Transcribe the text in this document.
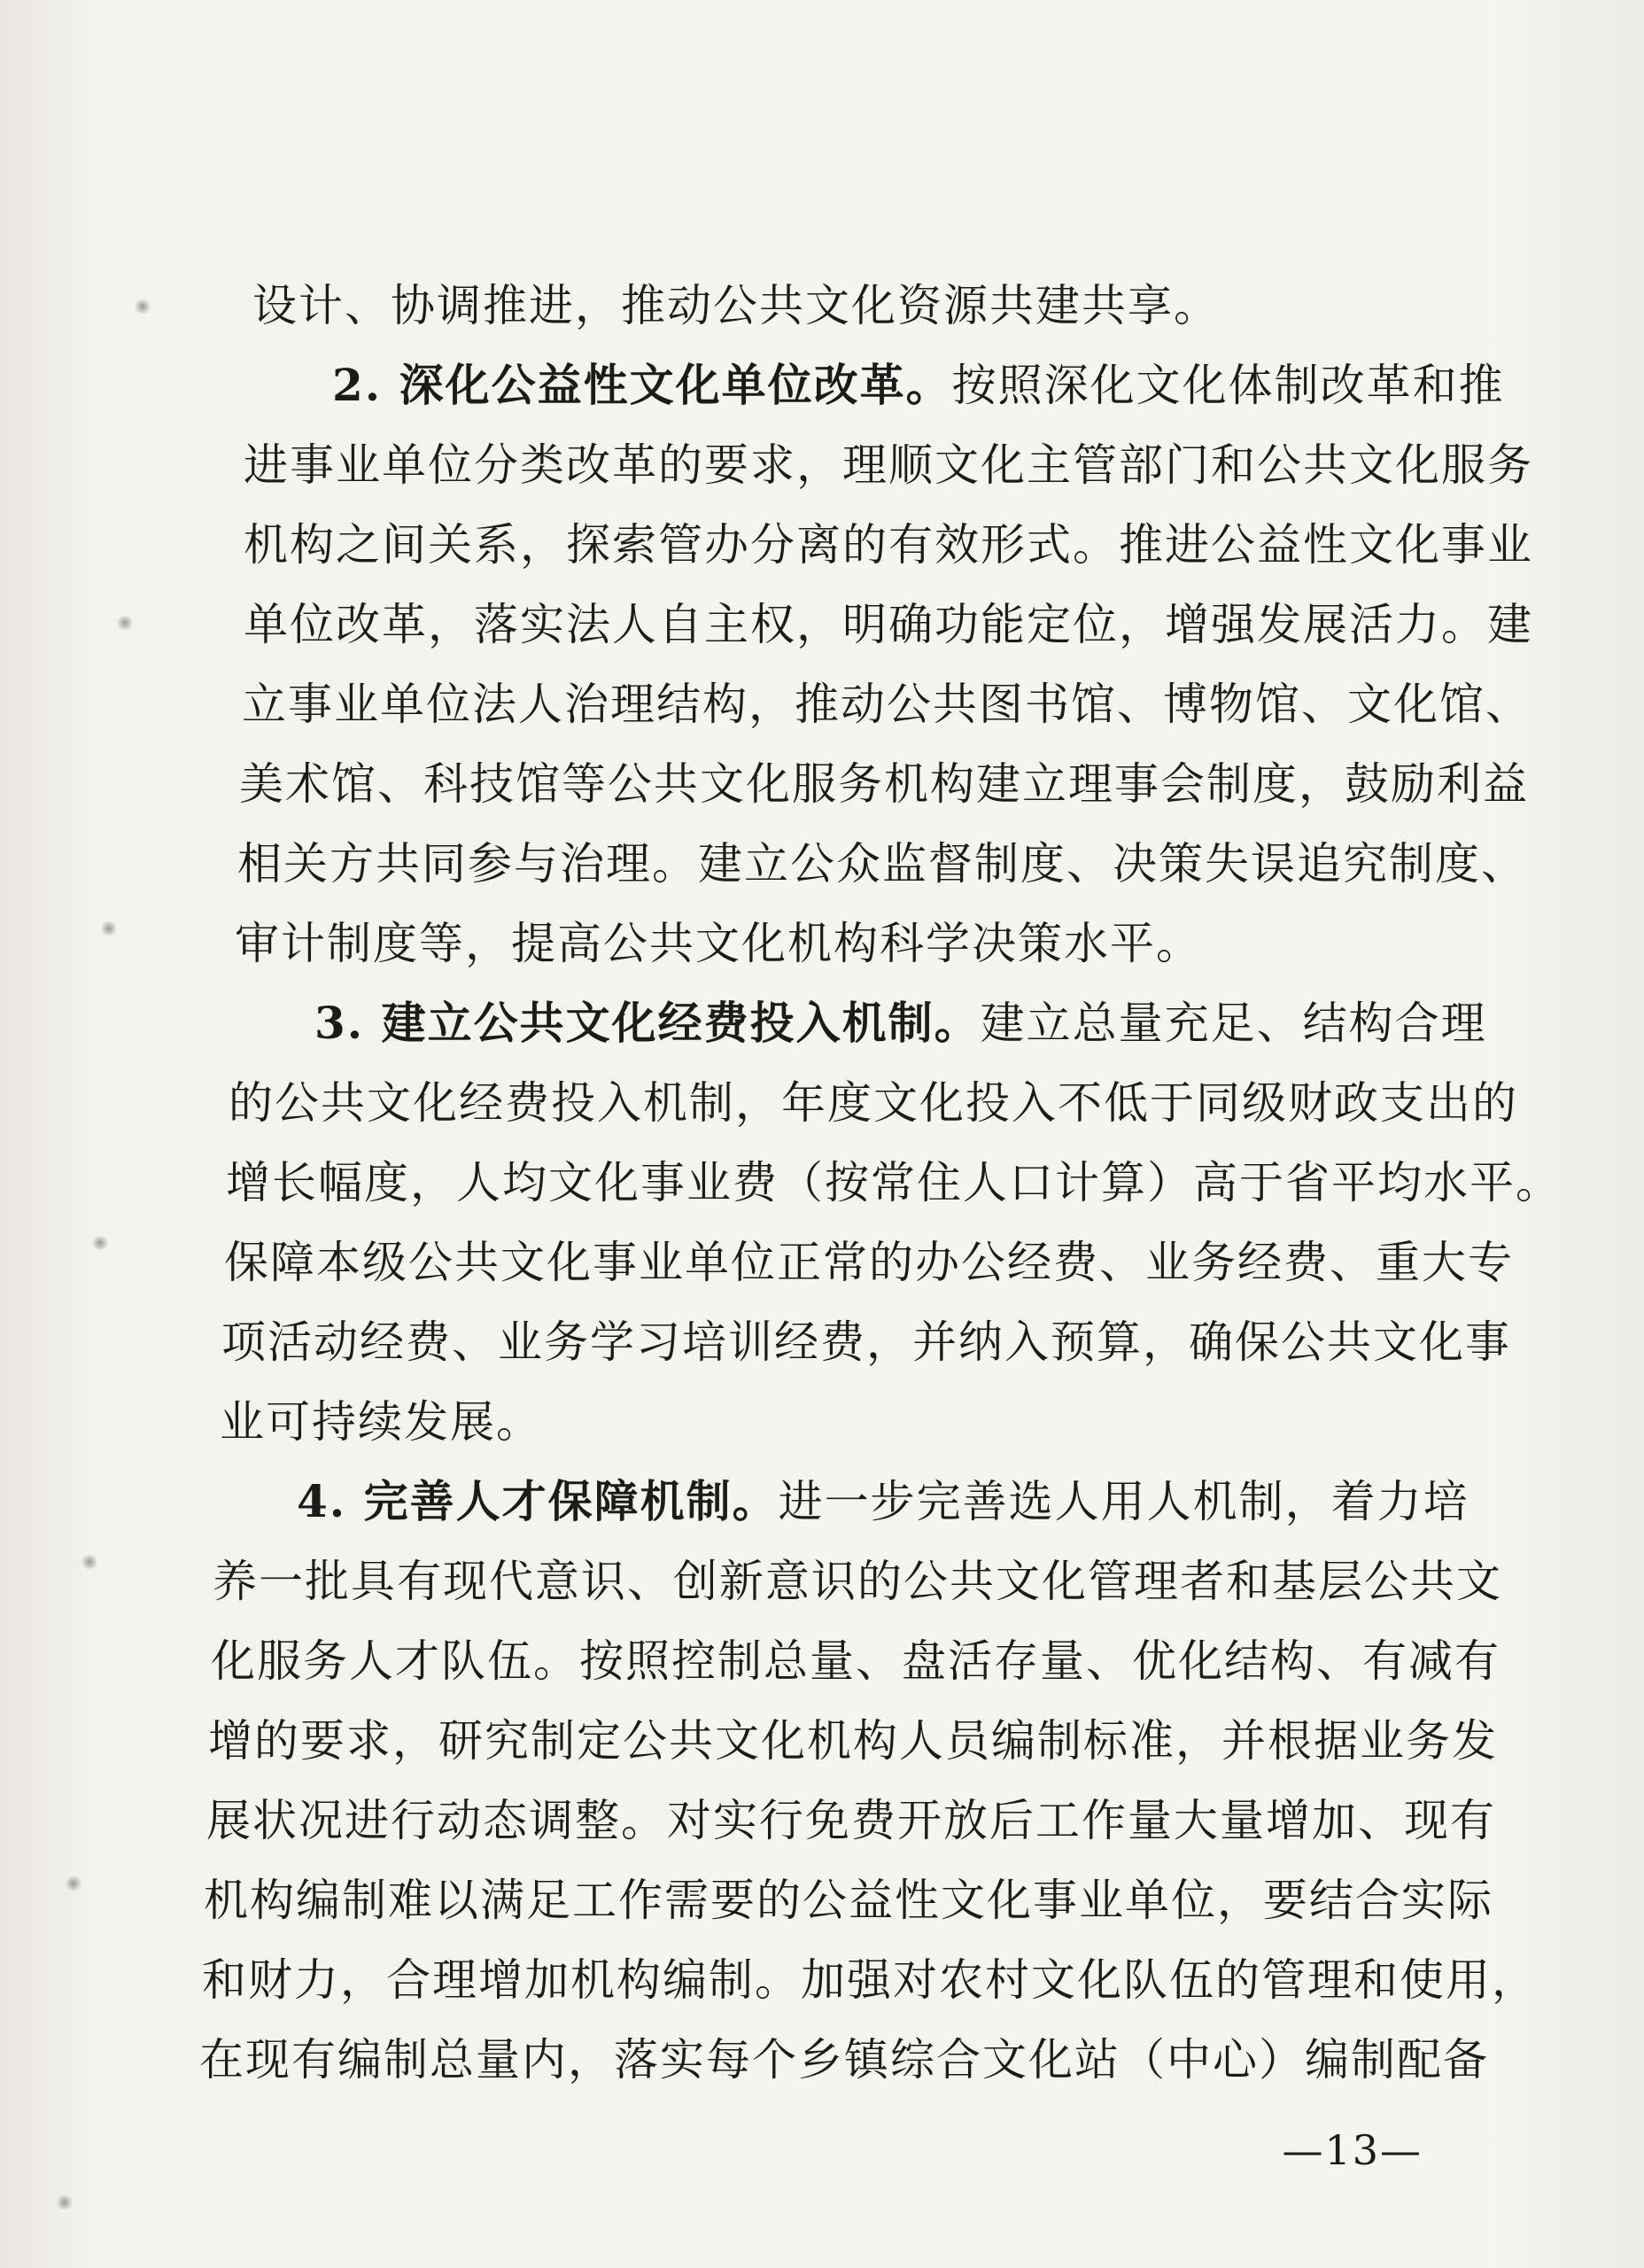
设计、协调推进，推动公共文化资源共建共享。
2. 深化公益性文化单位改革。按照深化文化体制改革和推
进事业单位分类改革的要求，理顺文化主管部门和公共文化服务
机构之间关系，探索管办分离的有效形式。推进公益性文化事业
单位改革，落实法人自主权，明确功能定位，增强发展活力。建
立事业单位法人治理结构，推动公共图书馆、博物馆、文化馆、
美术馆、科技馆等公共文化服务机构建立理事会制度，鼓励利益
相关方共同参与治理。建立公众监督制度、决策失误追究制度、
审计制度等，提高公共文化机构科学决策水平。
3. 建立公共文化经费投入机制。建立总量充足、结构合理
的公共文化经费投入机制，年度文化投入不低于同级财政支出的
增长幅度，人均文化事业费（按常住人口计算）高于省平均水平。
保障本级公共文化事业单位正常的办公经费、业务经费、重大专
项活动经费、业务学习培训经费，并纳入预算，确保公共文化事
业可持续发展。
4. 完善人才保障机制。进一步完善选人用人机制，着力培
养一批具有现代意识、创新意识的公共文化管理者和基层公共文
化服务人才队伍。按照控制总量、盘活存量、优化结构、有减有
增的要求，研究制定公共文化机构人员编制标准，并根据业务发
展状况进行动态调整。对实行免费开放后工作量大量增加、现有
机构编制难以满足工作需要的公益性文化事业单位，要结合实际
和财力，合理增加机构编制。加强对农村文化队伍的管理和使用，
在现有编制总量内，落实每个乡镇综合文化站（中心）编制配备
—13—
